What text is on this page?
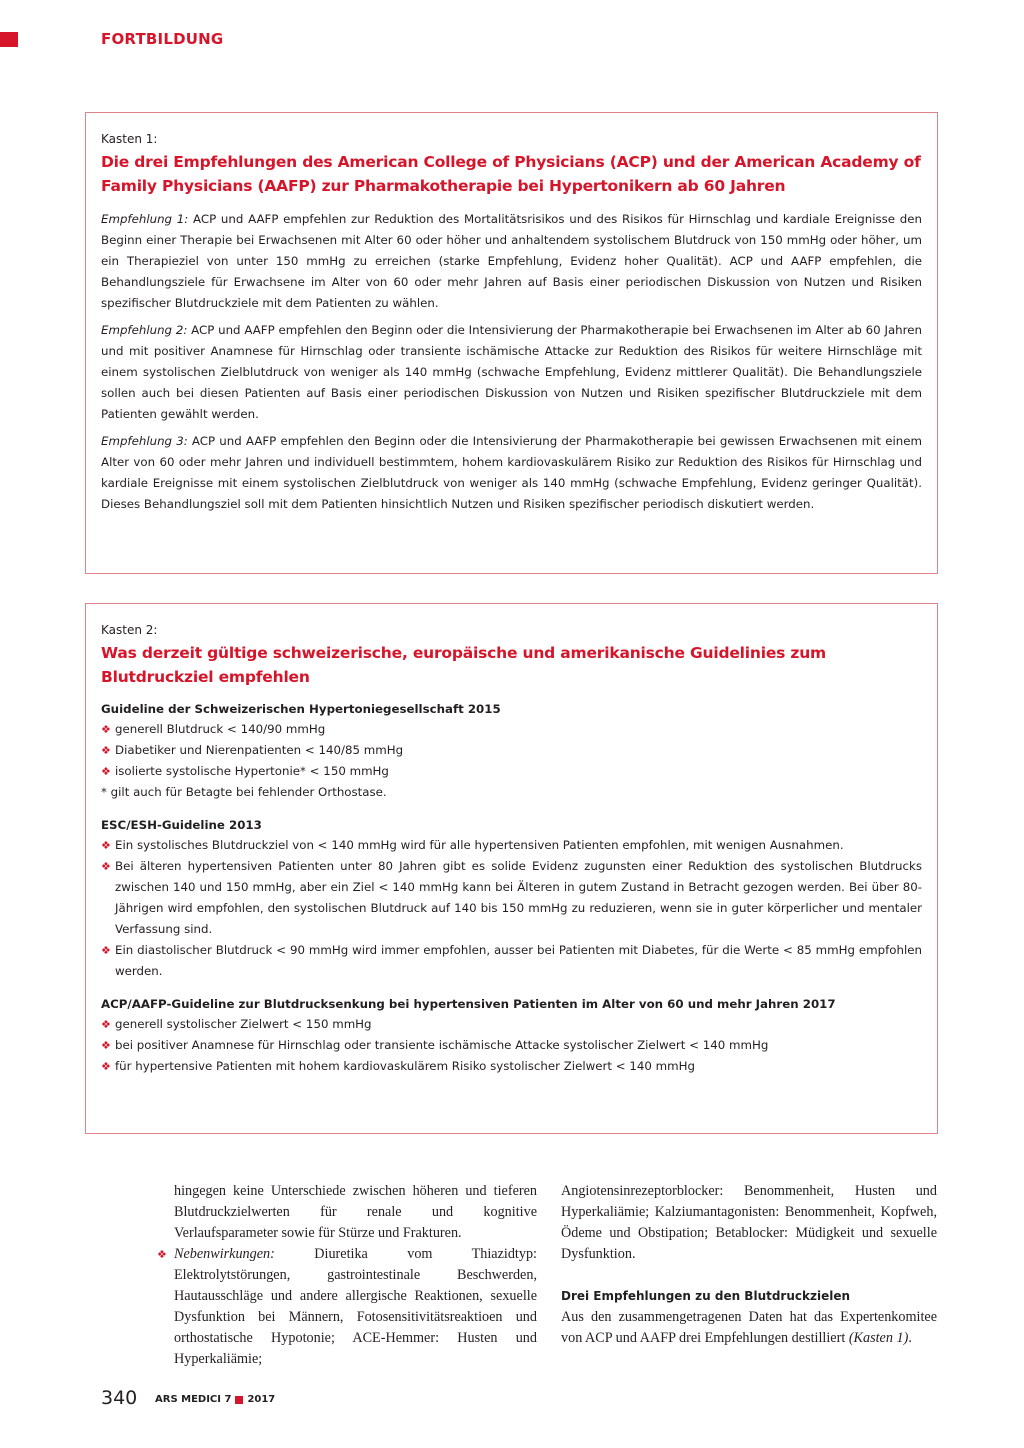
FORTBILDUNG
Kasten 1:
Die drei Empfehlungen des American College of Physicians (ACP) und der American Academy of Family Physicians (AAFP) zur Pharmakotherapie bei Hypertonikern ab 60 Jahren

Empfehlung 1: ACP und AAFP empfehlen zur Reduktion des Mortalitätsrisikos und des Risikos für Hirnschlag und kardiale Ereignisse den Beginn einer Therapie bei Erwachsenen mit Alter 60 oder höher und anhaltendem systolischem Blutdruck von 150 mmHg oder höher, um ein Therapieziel von unter 150 mmHg zu erreichen (starke Empfehlung, Evidenz hoher Qualität). ACP und AAFP empfehlen, die Behandlungsziele für Erwachsene im Alter von 60 oder mehr Jahren auf Basis einer periodischen Diskussion von Nutzen und Risiken spezifischer Blutdruckziele mit dem Patienten zu wählen.

Empfehlung 2: ACP und AAFP empfehlen den Beginn oder die Intensivierung der Pharmakotherapie bei Erwachsenen im Alter ab 60 Jahren und mit positiver Anamnese für Hirnschlag oder transiente ischämische Attacke zur Reduktion des Risikos für weitere Hirnschläge mit einem systolischen Zielblutdruck von weniger als 140 mmHg (schwache Empfehlung, Evidenz mittlerer Qualität). Die Behandlungsziele sollen auch bei diesen Patienten auf Basis einer periodischen Diskussion von Nutzen und Risiken spezifischer Blutdruckziele mit dem Patienten gewählt werden.

Empfehlung 3: ACP und AAFP empfehlen den Beginn oder die Intensivierung der Pharmakotherapie bei gewissen Erwachsenen mit einem Alter von 60 oder mehr Jahren und individuell bestimmtem, hohem kardiovaskulärem Risiko zur Reduktion des Risikos für Hirnschlag und kardiale Ereignisse mit einem systolischen Zielblutdruck von weniger als 140 mmHg (schwache Empfehlung, Evidenz geringer Qualität). Dieses Behandlungsziel soll mit dem Patienten hinsichtlich Nutzen und Risiken spezifischer periodisch diskutiert werden.

Kasten 2:
Was derzeit gültige schweizerische, europäische und amerikanische Guidelinies zum Blutdruckziel empfehlen
Guideline der Schweizerischen Hypertoniegesellschaft 2015
❖ generell Blutdruck < 140/90 mmHg
❖ Diabetiker und Nierenpatienten < 140/85 mmHg
❖ isolierte systolische Hypertonie* < 150 mmHg
* gilt auch für Betagte bei fehlender Orthostase.
ESC/ESH-Guideline 2013
❖ Ein systolisches Blutdruckziel von < 140 mmHg wird für alle hypertensiven Patienten empfohlen, mit wenigen Ausnahmen.
❖ Bei älteren hypertensiven Patienten unter 80 Jahren gibt es solide Evidenz zugunsten einer Reduktion des systolischen Blutdrucks zwischen 140 und 150 mmHg, aber ein Ziel < 140 mmHg kann bei Älteren in gutem Zustand in Betracht gezogen werden. Bei über 80-Jährigen wird empfohlen, den systolischen Blutdruck auf 140 bis 150 mmHg zu reduzieren, wenn sie in guter körperlicher und mentaler Verfassung sind.
❖ Ein diastolischer Blutdruck < 90 mmHg wird immer empfohlen, ausser bei Patienten mit Diabetes, für die Werte < 85 mmHg empfohlen werden.
ACP/AAFP-Guideline zur Blutdrucksenkung bei hypertensiven Patienten im Alter von 60 und mehr Jahren 2017
❖ generell systolischer Zielwert < 150 mmHg
❖ bei positiver Anamnese für Hirnschlag oder transiente ischämische Attacke systolischer Zielwert < 140 mmHg
❖ für hypertensive Patienten mit hohem kardiovaskulärem Risiko systolischer Zielwert < 140 mmHg

hingegen keine Unterschiede zwischen höheren und tieferen Blutdruckzielwerten für renale und kognitive Verlaufsparameter sowie für Stürze und Frakturen.

❖ Nebenwirkungen: Diuretika vom Thiazidtyp: Elektrolytstörungen, gastrointestinale Beschwerden, Hautausschläge und andere allergische Reaktionen, sexuelle Dysfunktion bei Männern, Fotosensitivitätsreaktioen und orthostatische Hypotonie; ACE-Hemmer: Husten und Hyperkaliämie;

Angiotensinrezeptorblocker: Benommenheit, Husten und Hyperkaliämie; Kalziumantagonisten: Benommenheit, Kopfweh, Ödeme und Obstipation; Betablocker: Müdigkeit und sexuelle Dysfunktion.

Drei Empfehlungen zu den Blutdruckzielen

Aus den zusammengetragenen Daten hat das Expertenkomitee von ACP und AAFP drei Empfehlungen destilliert (Kasten 1).

340 ARS MEDICI 7 2017
